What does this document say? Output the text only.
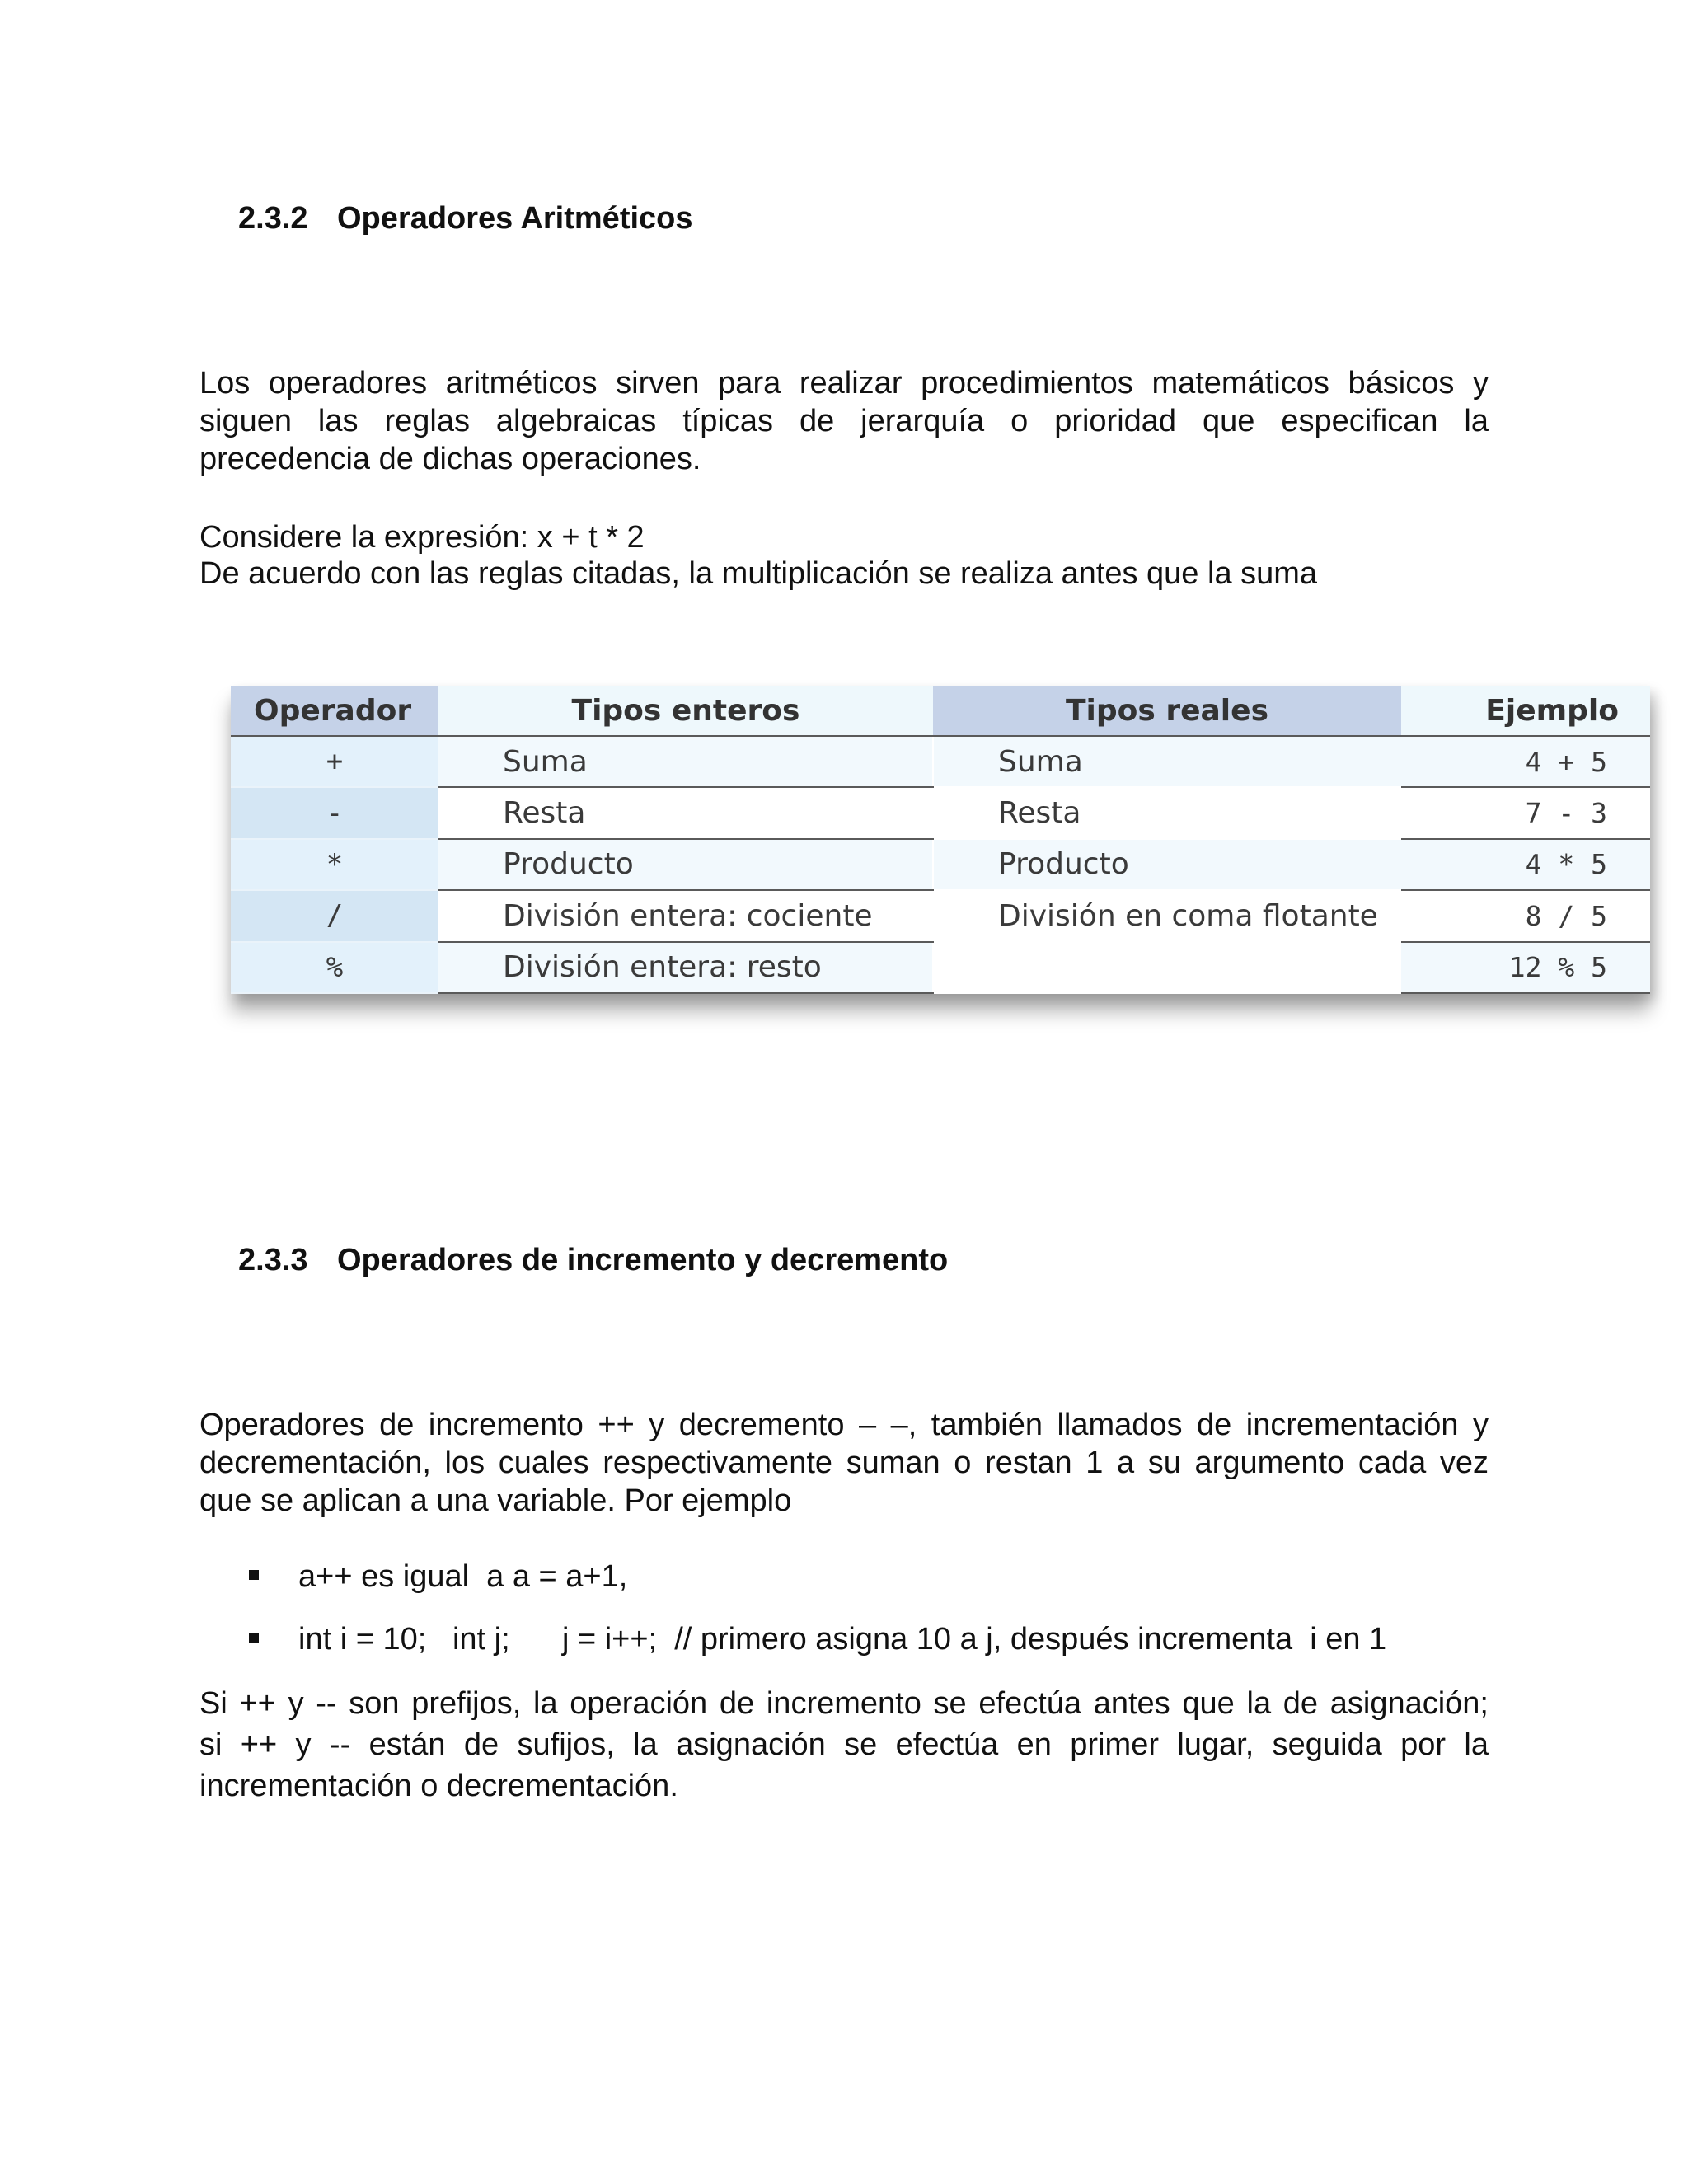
2.3.2 Operadores Aritméticos

Los operadores aritméticos sirven para realizar procedimientos matemáticos básicos y
siguen las reglas algebraicas típicas de jerarquía o prioridad que especifican la
precedencia de dichas operaciones.

Considere la expresión: x + t * 2

De acuerdo con las reglas citadas, la multiplicación se realiza antes que la suma

Operador	Tipos enteros	Tipos reales	Ejemplo
+	Suma	Suma	4 + 5
-	Resta	Resta	7 - 3
*	Producto	Producto	4 * 5
/	División entera: cociente	División en coma flotante	8 / 5
%	División entera: resto		12 % 5
2.3.3 Operadores de incremento y decremento

Operadores de incremento ++ y decremento – –, también llamados de incrementación y
decrementación, los cuales respectivamente suman o restan 1 a su argumento cada vez
que se aplican a una variable. Por ejemplo

a++ es igual  a a = a+1,

int i = 10;   int j;      j = i++;  // primero asigna 10 a j, después incrementa  i en 1

Si ++ y -- son prefijos, la operación de incremento se efectúa antes que la de asignación;
si ++ y -- están de sufijos, la asignación se efectúa en primer lugar, seguida por la
incrementación o decrementación.
